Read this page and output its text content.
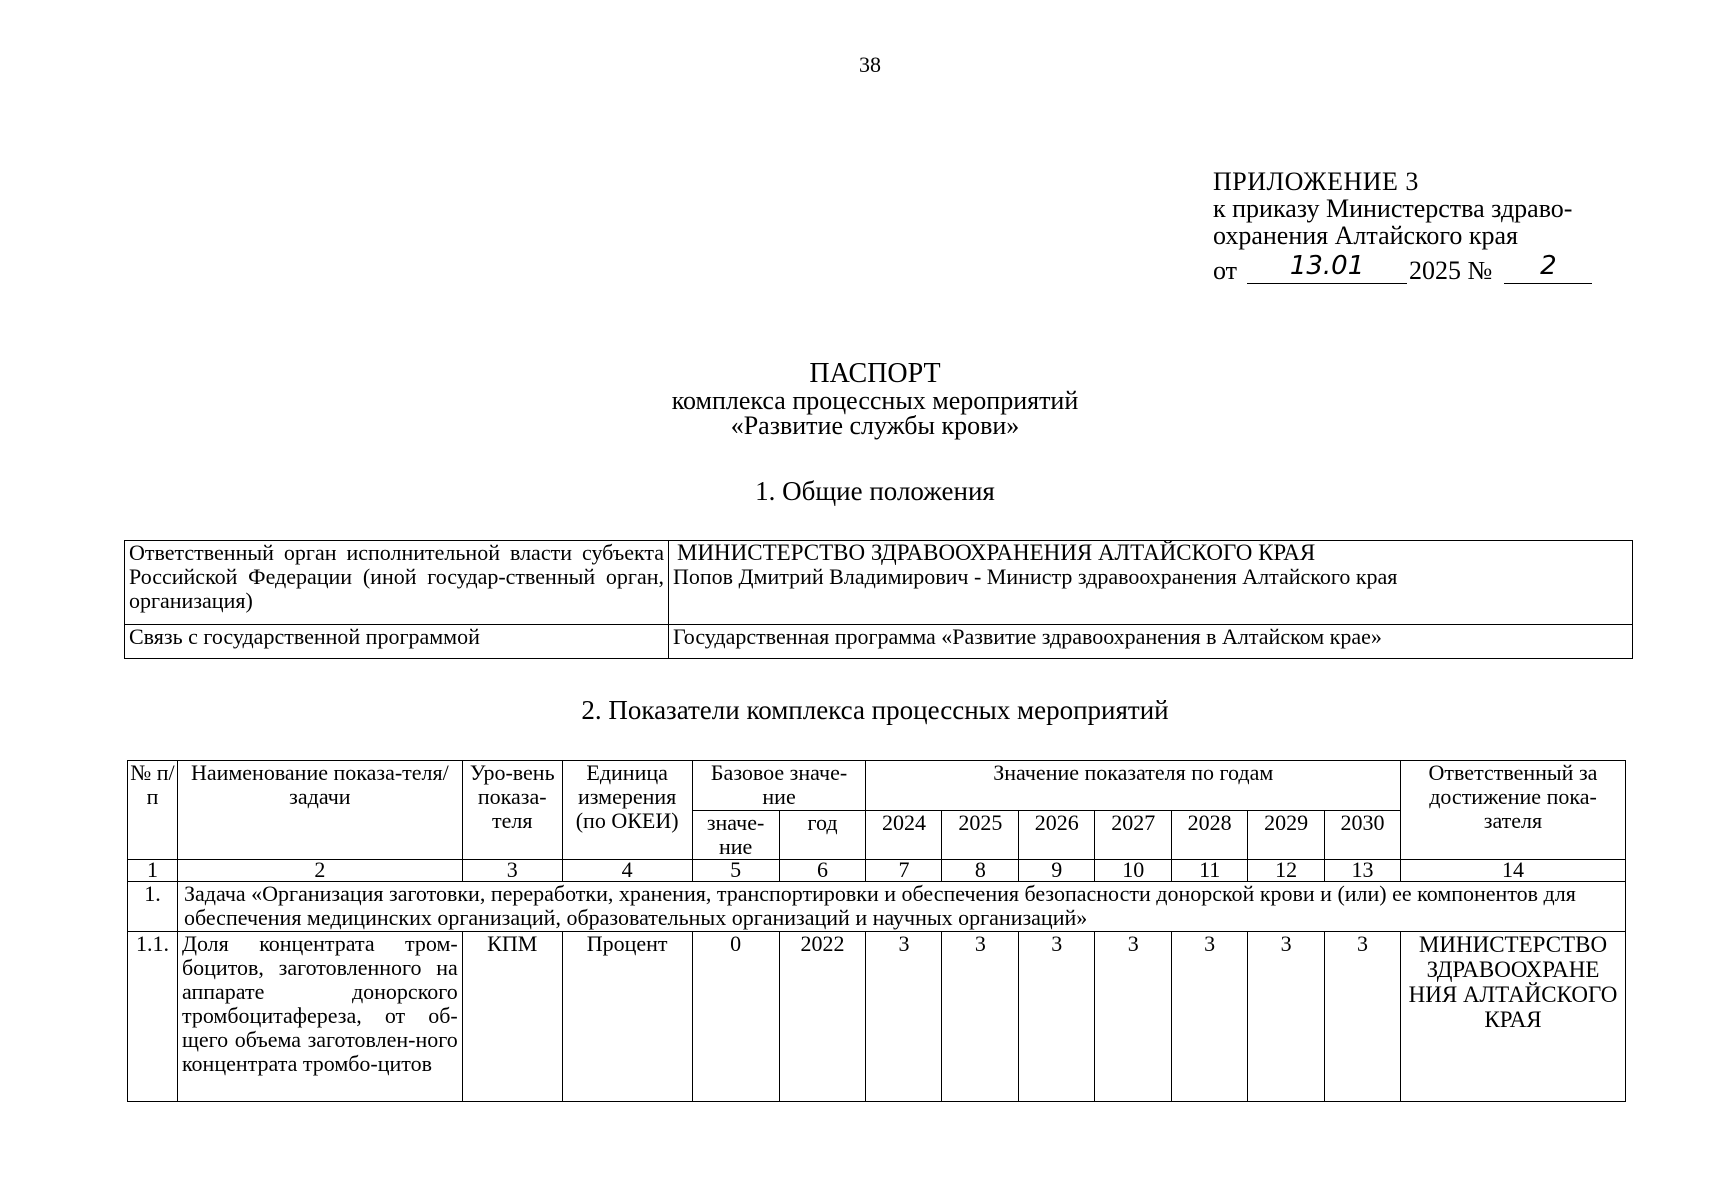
38
ПРИЛОЖЕНИЕ 3
к приказу Министерства здраво-
охранения Алтайского края
от	13.01	2025 №	2
ПАСПОРТ
комплекса процессных мероприятий
«Развитие службы крови»
1. Общие положения
Ответственный орган исполнительной власти субъекта Российской Федерации (иной государ-ственный орган, организация)	МИНИСТЕРСТВО ЗДРАВООХРАНЕНИЯ АЛТАЙСКОГО КРАЯ
Попов Дмитрий Владимирович - Министр здравоохранения Алтайского края

Связь с государственной программой	Государственная программа «Развитие здравоохранения в Алтайском крае»
2. Показатели комплекса процессных мероприятий
№ п/п	Наименование показа-теля/задачи	Уро-вень показа-теля	Единица измерения (по ОКЕИ)	Базовое значе-ние		Значение показателя по годам							Ответственный за достижение пока-зателя
				значе-ние	год	2024	2025	2026	2027	2028	2029	2030	
1	2	3	4	5	6	7	8	9	10	11	12	13	14
1.	Задача «Организация заготовки, переработки, хранения, транспортировки и обеспечения безопасности донорской крови и (или) ее компонентов для обеспечения медицинских организаций, образовательных организаций и научных организаций»												
1.1.	Доля концентрата тром-боцитов, заготовленного на аппарате донорского тромбоцитафереза, от об-щего объема заготовлен-ного концентрата тромбо-цитов	КПМ	Процент	0	2022	3	3	3	3	3	3	3	МИНИСТЕРСТВО ЗДРАВООХРАНЕ НИЯ АЛТАЙСКОГО КРАЯ
